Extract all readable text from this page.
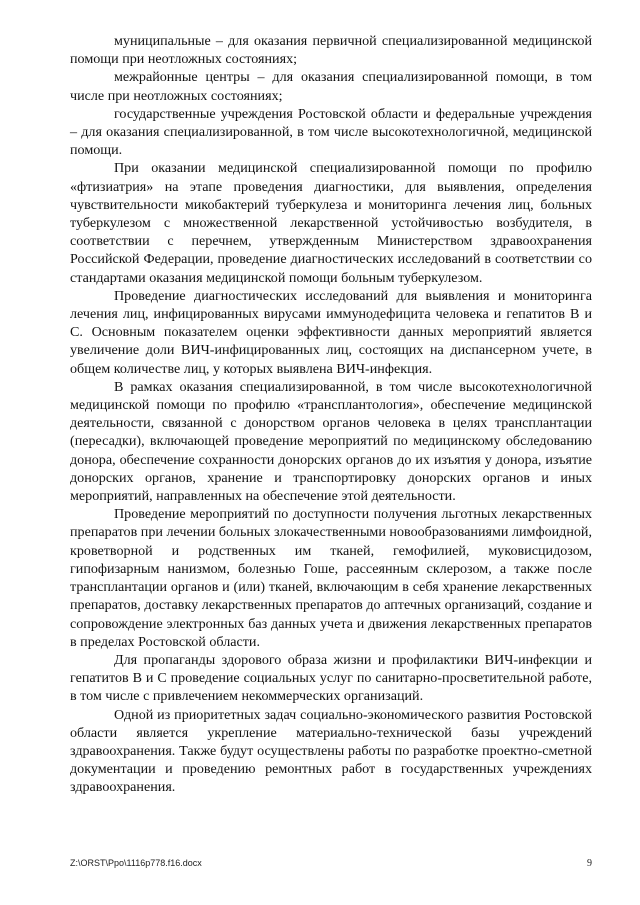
муниципальные – для оказания первичной специализированной медицинской помощи при неотложных состояниях;

межрайонные центры – для оказания специализированной помощи, в том числе при неотложных состояниях;

государственные учреждения Ростовской области и федеральные учреждения – для оказания специализированной, в том числе высокотехнологичной, медицинской помощи.

При оказании медицинской специализированной помощи по профилю «фтизиатрия» на этапе проведения диагностики, для выявления, определения чувствительности микобактерий туберкулеза и мониторинга лечения лиц, больных туберкулезом с множественной лекарственной устойчивостью возбудителя, в соответствии с перечнем, утвержденным Министерством здравоохранения Российской Федерации, проведение диагностических исследований в соответствии со стандартами оказания медицинской помощи больным туберкулезом.

Проведение диагностических исследований для выявления и мониторинга лечения лиц, инфицированных вирусами иммунодефицита человека и гепатитов В и С. Основным показателем оценки эффективности данных мероприятий является увеличение доли ВИЧ-инфицированных лиц, состоящих на диспансерном учете, в общем количестве лиц, у которых выявлена ВИЧ-инфекция.

В рамках оказания специализированной, в том числе высокотехнологичной медицинской помощи по профилю «трансплантология», обеспечение медицинской деятельности, связанной с донорством органов человека в целях трансплантации (пересадки), включающей проведение мероприятий по медицинскому обследованию донора, обеспечение сохранности донорских органов до их изъятия у донора, изъятие донорских органов, хранение и транспортировку донорских органов и иных мероприятий, направленных на обеспечение этой деятельности.

Проведение мероприятий по доступности получения льготных лекарственных препаратов при лечении больных злокачественными новообразованиями лимфоидной, кроветворной и родственных им тканей, гемофилией, муковисцидозом, гипофизарным нанизмом, болезнью Гоше, рассеянным склерозом, а также после трансплантации органов и (или) тканей, включающим в себя хранение лекарственных препаратов, доставку лекарственных препаратов до аптечных организаций, создание и сопровождение электронных баз данных учета и движения лекарственных препаратов в пределах Ростовской области.

Для пропаганды здорового образа жизни и профилактики ВИЧ-инфекции и гепатитов В и С проведение социальных услуг по санитарно-просветительной работе, в том числе с привлечением некоммерческих организаций.

Одной из приоритетных задач социально-экономического развития Ростовской области является укрепление материально-технической базы учреждений здравоохранения. Также будут осуществлены работы по разработке проектно-сметной документации и проведению ремонтных работ в государственных учреждениях здравоохранения.

Z:\ORST\Ppo\1116p778.f16.docx	9
